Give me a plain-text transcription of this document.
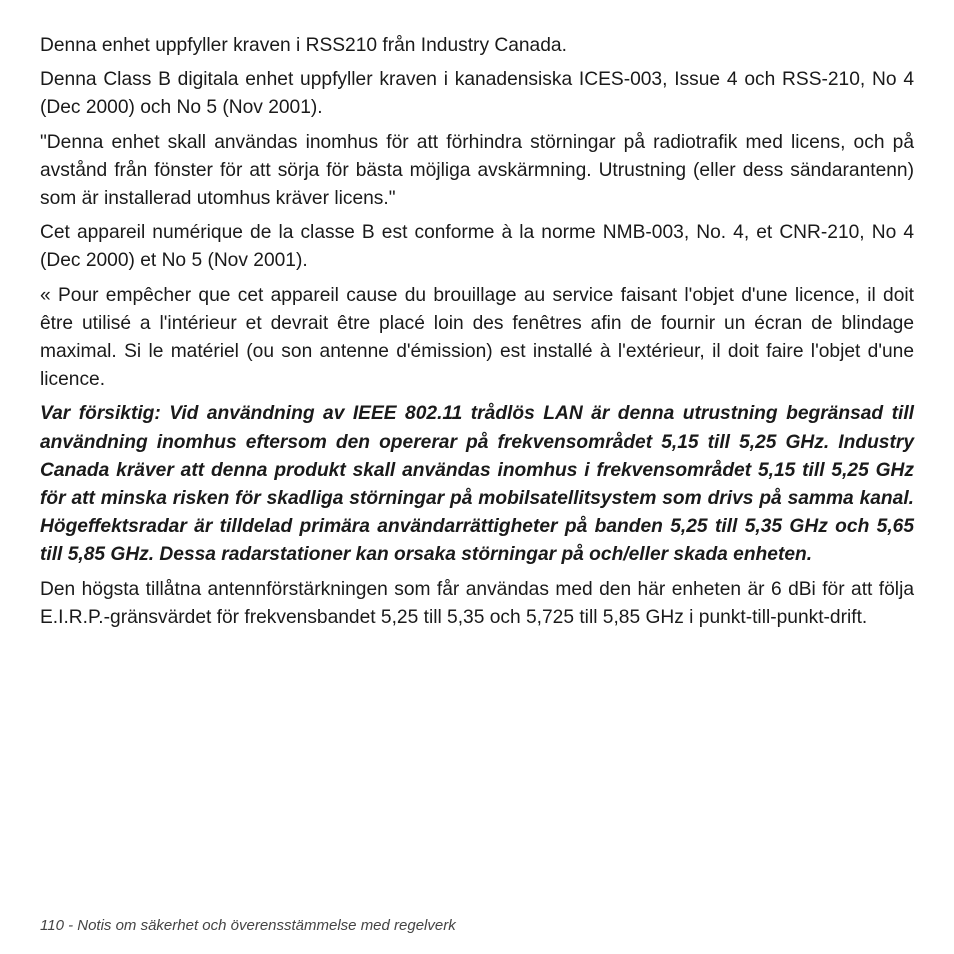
Denna enhet uppfyller kraven i RSS210 från Industry Canada.

Denna Class B digitala enhet uppfyller kraven i kanadensiska ICES-003, Issue 4 och RSS-210, No 4 (Dec 2000) och No 5 (Nov 2001).

"Denna enhet skall användas inomhus för att förhindra störningar på radiotrafik med licens, och på avstånd från fönster för att sörja för bästa möjliga avskärmning. Utrustning (eller dess sändarantenn) som är installerad utomhus kräver licens."

Cet appareil numérique de la classe B est conforme à la norme NMB-003, No. 4, et CNR-210, No 4 (Dec 2000) et No 5 (Nov 2001).

« Pour empêcher que cet appareil cause du brouillage au service faisant l'objet d'une licence, il doit être utilisé a l'intérieur et devrait être placé loin des fenêtres afin de fournir un écran de blindage maximal. Si le matériel (ou son antenne d'émission) est installé à l'extérieur, il doit faire l'objet d'une licence.

Var försiktig: Vid användning av IEEE 802.11 trådlös LAN är denna utrustning begränsad till användning inomhus eftersom den opererar på frekvensområdet 5,15 till 5,25 GHz. Industry Canada kräver att denna produkt skall användas inomhus i frekvensområdet 5,15 till 5,25 GHz för att minska risken för skadliga störningar på mobilsatellitsystem som drivs på samma kanal. Högeffektsradar är tilldelad primära användarrättigheter på banden 5,25 till 5,35 GHz och 5,65 till 5,85 GHz. Dessa radarstationer kan orsaka störningar på och/eller skada enheten.

Den högsta tillåtna antennförstärkningen som får användas med den här enheten är 6 dBi för att följa E.I.R.P.-gränsvärdet för frekvensbandet 5,25 till 5,35 och 5,725 till 5,85 GHz i punkt-till-punkt-drift.

110 - Notis om säkerhet och överensstämmelse med regelverk
